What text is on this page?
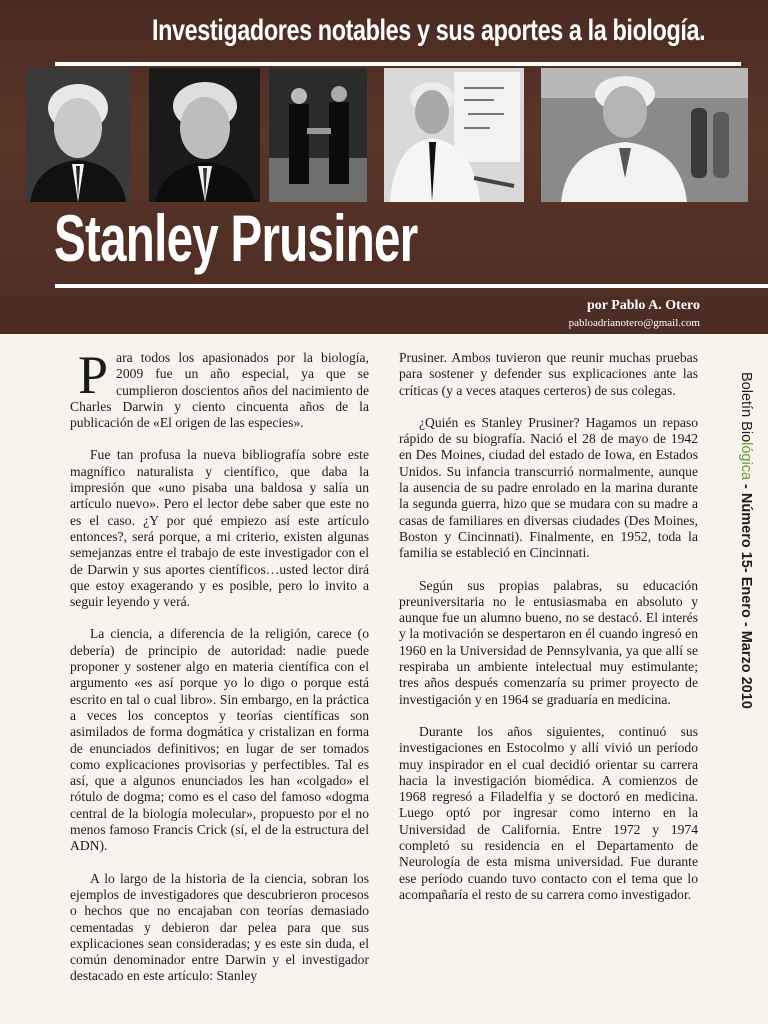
Investigadores notables y sus aportes a la biología.
Stanley Prusiner
por Pablo A. Otero
pabloadrianotero@gmail.com

Para todos los apasionados por la biología, 2009 fue un año especial, ya que se cumplieron doscientos años del nacimiento de Charles Darwin y ciento cincuenta años de la publicación de «El origen de las especies».

Fue tan profusa la nueva bibliografía sobre este magnífico naturalista y científico, que daba la impresión que «uno pisaba una baldosa y salía un artículo nuevo». Pero el lector debe saber que este no es el caso. ¿Y por qué empiezo así este artículo entonces?, será porque, a mi criterio, existen algunas semejanzas entre el trabajo de este investigador con el de Darwin y sus aportes científicos…usted lector dirá que estoy exagerando y es posible, pero lo invito a seguir leyendo y verá.

La ciencia, a diferencia de la religión, carece (o debería) de principio de autoridad: nadie puede proponer y sostener algo en materia científica con el argumento «es así porque yo lo digo o porque está escrito en tal o cual libro». Sin embargo, en la práctica a veces los conceptos y teorías científicas son asimilados de forma dogmática y cristalizan en forma de enunciados definitivos; en lugar de ser tomados como explicaciones provisorias y perfectibles. Tal es así, que a algunos enunciados les han «colgado» el rótulo de dogma; como es el caso del famoso «dogma central de la biología molecular», propuesto por el no menos famoso Francis Crick (sí, el de la estructura del ADN).

A lo largo de la historia de la ciencia, sobran los ejemplos de investigadores que descubrieron procesos o hechos que no encajaban con teorías demasiado cementadas y debieron dar pelea para que sus explicaciones sean consideradas; y es este sin duda, el común denominador entre Darwin y el investigador destacado en este artículo: Stanley

Prusiner. Ambos tuvieron que reunir muchas pruebas para sostener y defender sus explicaciones ante las críticas (y a veces ataques certeros) de sus colegas.

¿Quién es Stanley Prusiner? Hagamos un repaso rápido de su biografía. Nació el 28 de mayo de 1942 en Des Moines, ciudad del estado de Iowa, en Estados Unidos. Su infancia transcurrió normalmente, aunque la ausencia de su padre enrolado en la marina durante la segunda guerra, hizo que se mudara con su madre a casas de familiares en diversas ciudades (Des Moines, Boston y Cincinnati). Finalmente, en 1952, toda la familia se estableció en Cincinnati.

Según sus propias palabras, su educación preuniversitaria no le entusiasmaba en absoluto y aunque fue un alumno bueno, no se destacó. El interés y la motivación se despertaron en él cuando ingresó en 1960 en la Universidad de Pennsylvania, ya que allí se respiraba un ambiente intelectual muy estimulante; tres años después comenzaría su primer proyecto de investigación y en 1964 se graduaría en medicina.

Durante los años siguientes, continuó sus investigaciones en Estocolmo y allí vivió un período muy inspirador en el cual decidió orientar su carrera hacia la investigación biomédica. A comienzos de 1968 regresó a Filadelfia y se doctoró en medicina. Luego optó por ingresar como interno en la Universidad de California. Entre 1972 y 1974 completó su residencia en el Departamento de Neurología de esta misma universidad. Fue durante ese período cuando tuvo contacto con el tema que lo acompañaría el resto de su carrera como investigador.

Boletín Biológica - Número 15- Enero - Marzo 2010
